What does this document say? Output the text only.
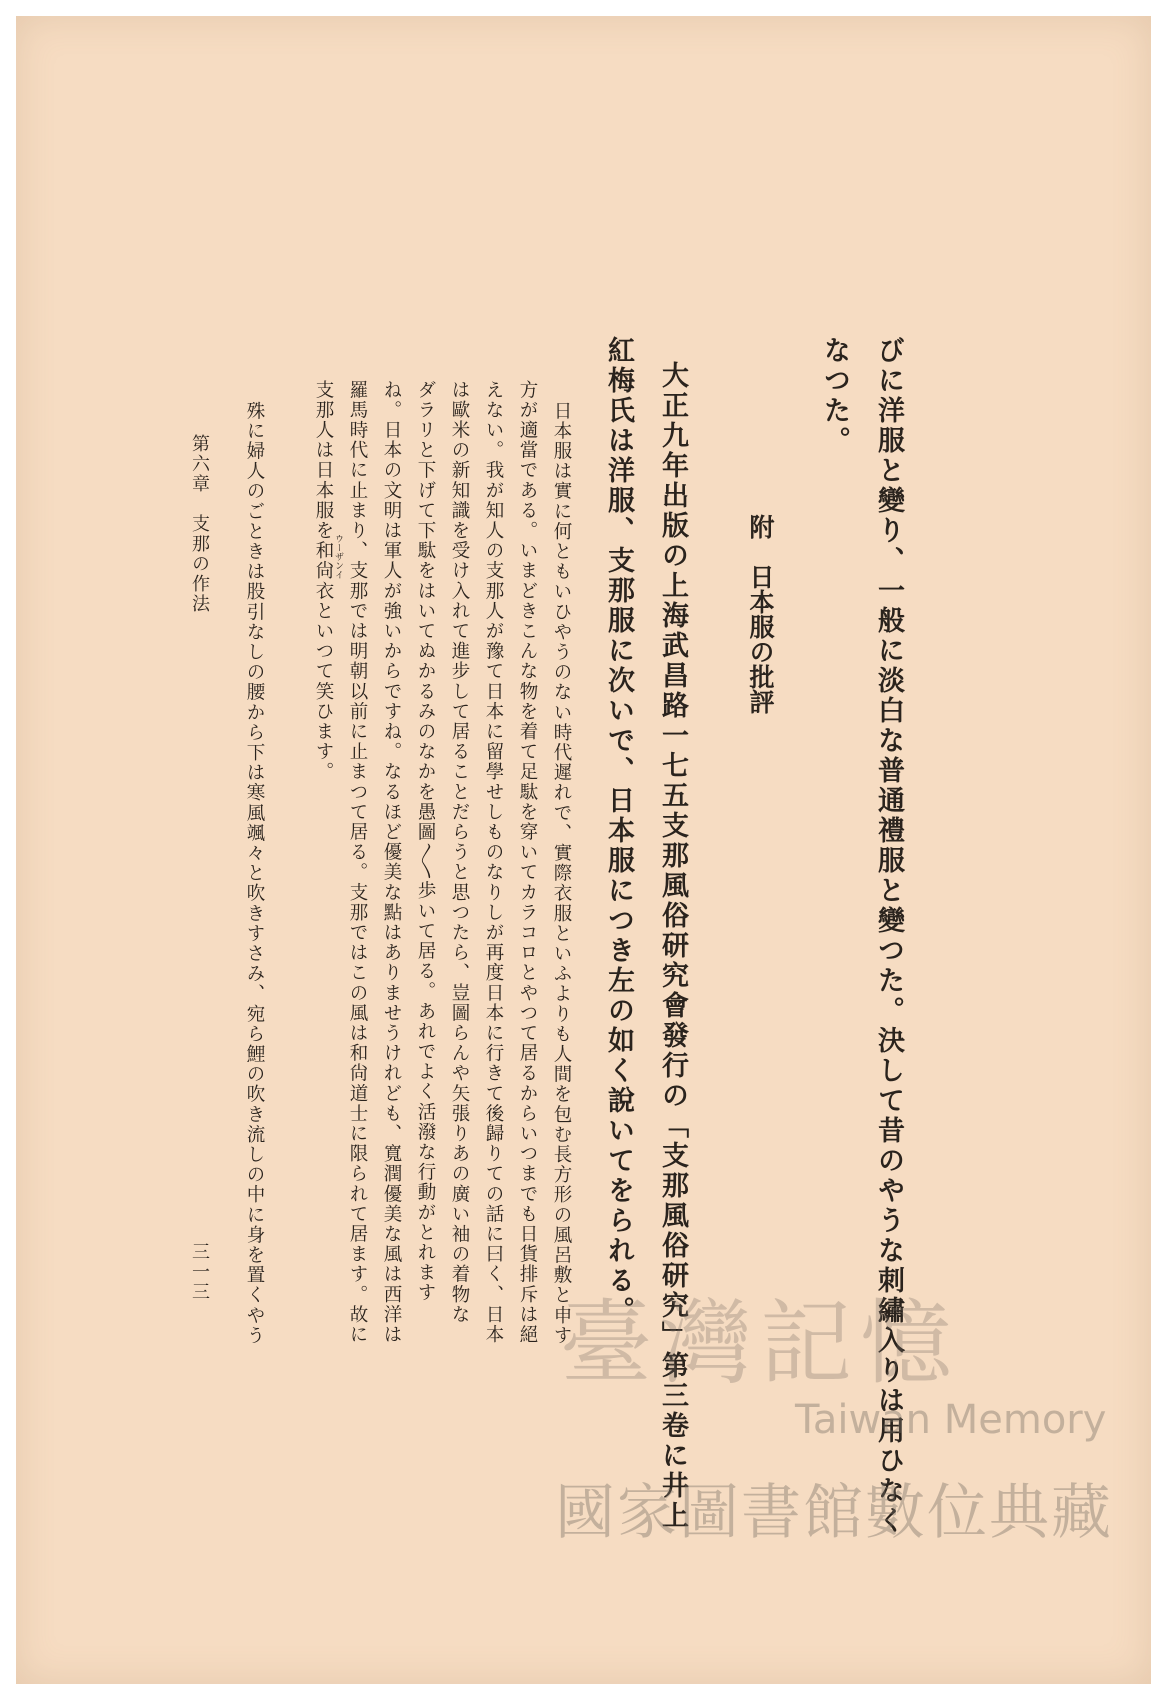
びに洋服と變り、一般に淡白な普通禮服と變つた。決して昔のやうな刺繡入りは用ひなく

なつた。

附　日本服の批評

大正九年出版の上海武昌路一七五支那風俗研究會發行の「支那風俗研究」第三卷に井上

紅梅氏は洋服、支那服に次いで、日本服につき左の如く說いてをられる。

日本服は實に何ともいひやうのない時代遲れで、實際衣服といふよりも人間を包む長方形の風呂敷と申す

方が適當である。いまどきこんな物を着て足駄を穿いてカラコロとやつて居るからいつまでも日貨排斥は絕

えない。我が知人の支那人が豫て日本に留學せしものなりしが再度日本に行きて後歸りての話に曰く、日本

は歐米の新知識を受け入れて進步して居ることだらうと思つたら、豈圖らんや矢張りあの廣い袖の着物な

ダラリと下げて下駄をはいてぬかるみのなかを愚圖〳〵歩いて居る。あれでよく活潑な行動がとれます

ね。日本の文明は軍人が強いからですね。なるほど優美な點はありませうけれども、寬潤優美な風は西洋は

羅馬時代に止まり、支那では明朝以前に止まつて居る。支那ではこの風は和尙道士に限られて居ます。故に

支那人は日本服を和尙衣といつて笑ひます。 ウーザンイ

殊に婦人のごときは股引なしの腰から下は寒風颯々と吹きすさみ、宛ら鯉の吹き流しの中に身を置くやう

第六章　支那の作法

三一三

臺灣記憶
Taiwan Memory
國家圖書館數位典藏
